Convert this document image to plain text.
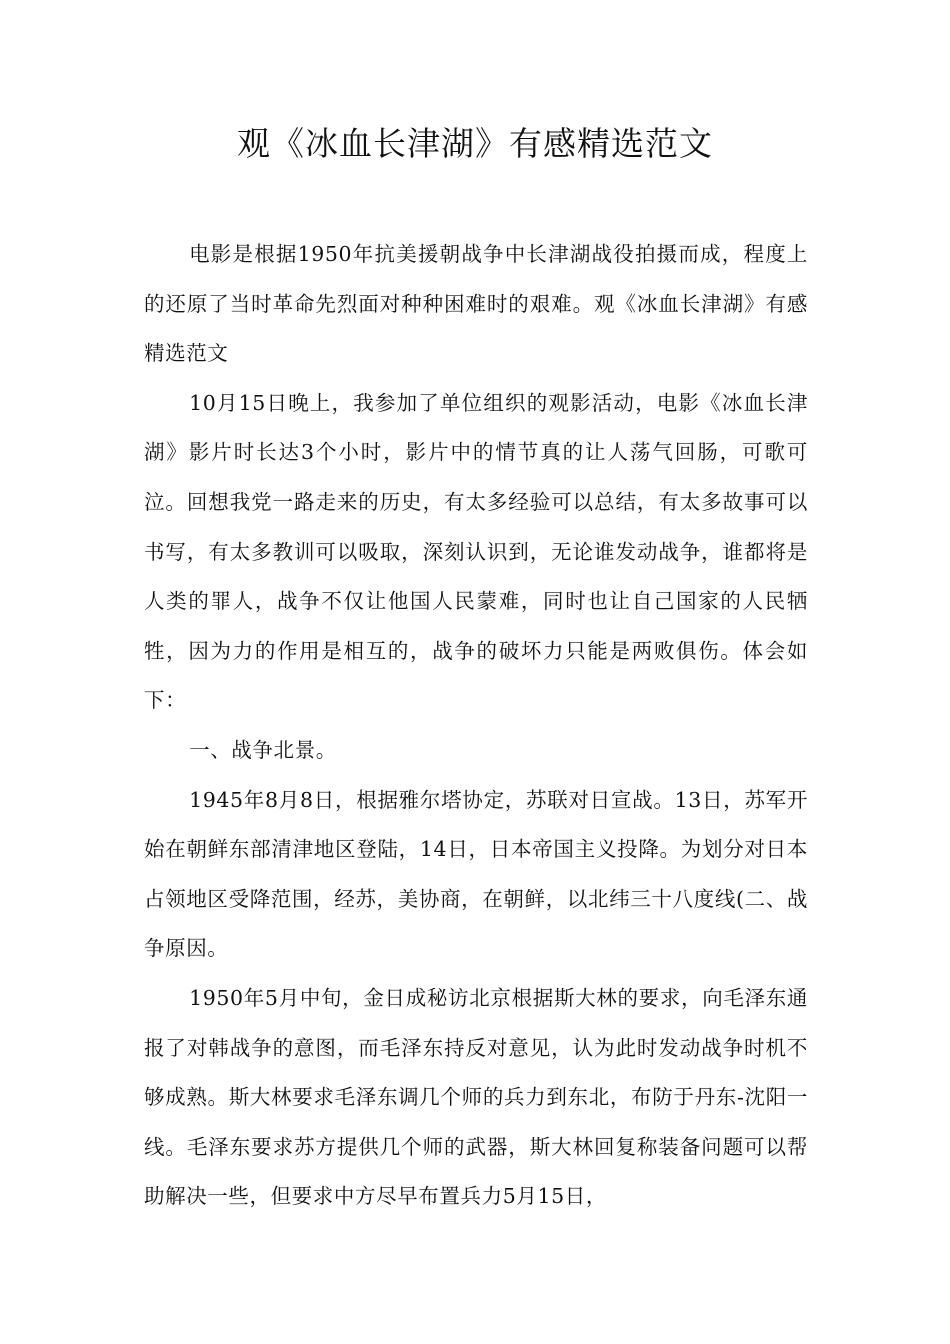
观《冰血长津湖》有感精选范文

电影是根据1950年抗美援朝战争中长津湖战役拍摄而成，程度上的还原了当时革命先烈面对种种困难时的艰难。观《冰血长津湖》有感精选范文

10月15日晚上，我参加了单位组织的观影活动，电影《冰血长津湖》影片时长达3个小时，影片中的情节真的让人荡气回肠，可歌可泣。回想我党一路走来的历史，有太多经验可以总结，有太多故事可以书写，有太多教训可以吸取，深刻认识到，无论谁发动战争，谁都将是人类的罪人，战争不仅让他国人民蒙难，同时也让自己国家的人民牺牲，因为力的作用是相互的，战争的破坏力只能是两败俱伤。体会如下：

一、战争北景。

1945年8月8日，根据雅尔塔协定，苏联对日宣战。13日，苏军开始在朝鲜东部清津地区登陆，14日，日本帝国主义投降。为划分对日本占领地区受降范围，经苏，美协商，在朝鲜，以北纬三十八度线(二、战争原因。

1950年5月中旬，金日成秘访北京根据斯大林的要求，向毛泽东通报了对韩战争的意图，而毛泽东持反对意见，认为此时发动战争时机不够成熟。斯大林要求毛泽东调几个师的兵力到东北，布防于丹东-沈阳一线。毛泽东要求苏方提供几个师的武器，斯大林回复称装备问题可以帮助解决一些，但要求中方尽早布置兵力5月15日，
